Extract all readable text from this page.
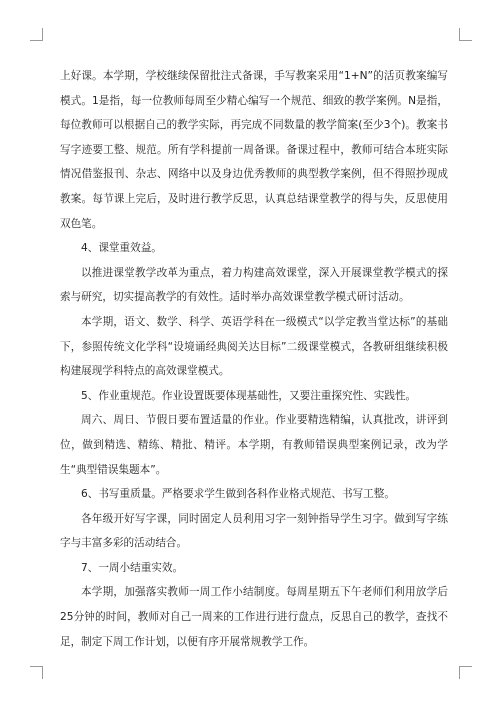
上好课。本学期，学校继续保留批注式备课，手写教案采用“1+N”的活页教案编写模式。1是指，每一位教师每周至少精心编写一个规范、细致的教学案例。N是指，每位教师可以根据自己的教学实际，再完成不同数量的教学简案(至少3个)。教案书写字迹要工整、规范。所有学科提前一周备课。备课过程中，教师可结合本班实际情况借鉴报刊、杂志、网络中以及身边优秀教师的典型教学案例，但不得照抄现成教案。每节课上完后，及时进行教学反思，认真总结课堂教学的得与失，反思使用双色笔。

4、课堂重效益。

以推进课堂教学改革为重点，着力构建高效课堂，深入开展课堂教学模式的探索与研究，切实提高教学的有效性。适时举办高效课堂教学模式研讨活动。

本学期，语文、数学、科学、英语学科在一级模式“以学定教当堂达标”的基础下，参照传统文化学科“设境诵经典阅关达目标”二级课堂模式，各教研组继续积极构建展现学科特点的高效课堂模式。

5、作业重规范。作业设置既要体现基础性，又要注重探究性、实践性。

周六、周日、节假日要布置适量的作业。作业要精选精编，认真批改，讲评到位，做到精选、精练、精批、精评。本学期，有教师错误典型案例记录，改为学生“典型错误集题本”。

6、书写重质量。严格要求学生做到各科作业格式规范、书写工整。

各年级开好写字课，同时固定人员利用习字一刻钟指导学生习字。做到写字练字与丰富多彩的活动结合。

7、一周小结重实效。

本学期，加强落实教师一周工作小结制度。每周星期五下午老师们利用放学后25分钟的时间，教师对自己一周来的工作进行进行盘点，反思自己的教学，查找不足，制定下周工作计划，以便有序开展常规教学工作。
